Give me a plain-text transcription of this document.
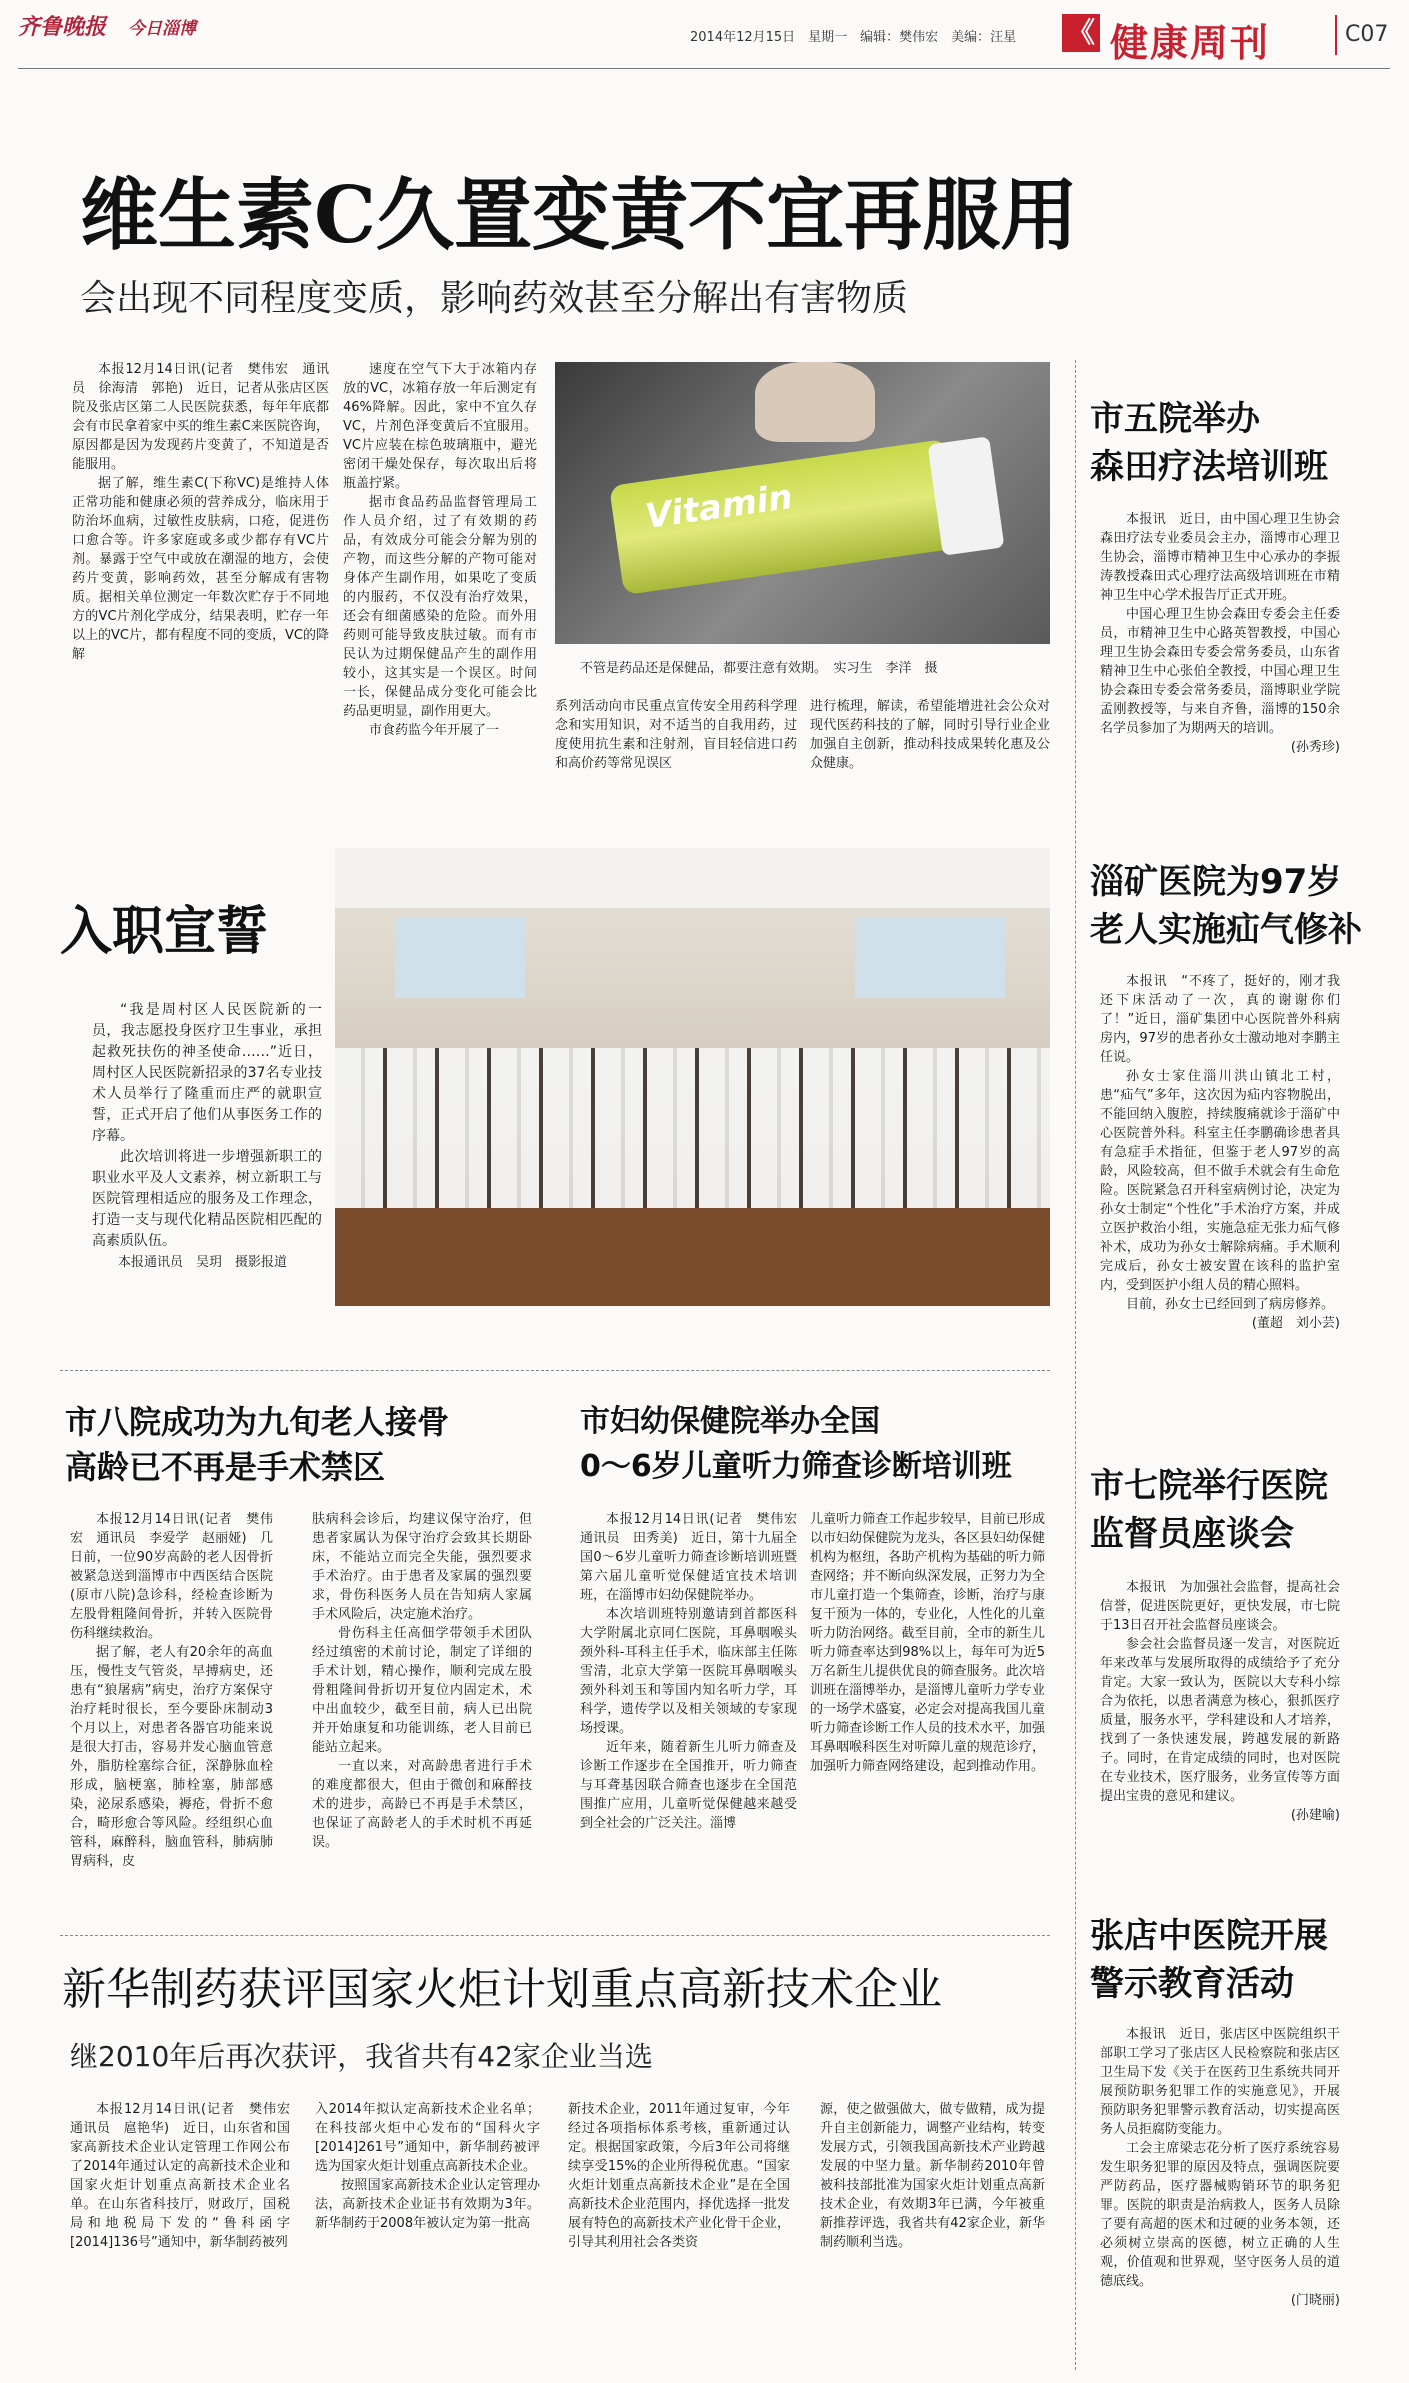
齐鲁晚报 今日淄博	2014年12月15日　星期一　编辑：樊伟宏　美编：汪星 《 健康周刊	C07
维生素C久置变黄不宜再服用
会出现不同程度变质，影响药效甚至分解出有害物质

本报12月14日讯(记者　樊伟宏　通讯员　徐海清　郭艳)　近日，记者从张店区医院及张店区第二人民医院获悉，每年年底都会有市民拿着家中买的维生素C来医院咨询，原因都是因为发现药片变黄了，不知道是否能服用。

据了解，维生素C(下称VC)是维持人体正常功能和健康必须的营养成分，临床用于防治坏血病，过敏性皮肤病，口疮，促进伤口愈合等。许多家庭或多或少都存有VC片剂。暴露于空气中或放在潮湿的地方，会使药片变黄，影响药效，甚至分解成有害物质。据相关单位测定一年数次贮存于不同地方的VC片剂化学成分，结果表明，贮存一年以上的VC片，都有程度不同的变质，VC的降解

速度在空气下大于冰箱内存放的VC，冰箱存放一年后测定有46%降解。因此，家中不宜久存VC，片剂色泽变黄后不宜服用。VC片应装在棕色玻璃瓶中，避光密闭干燥处保存，每次取出后将瓶盖拧紧。

据市食品药品监督管理局工作人员介绍，过了有效期的药品，有效成分可能会分解为别的产物，而这些分解的产物可能对身体产生副作用，如果吃了变质的内服药，不仅没有治疗效果，还会有细菌感染的危险。而外用药则可能导致皮肤过敏。而有市民认为过期保健品产生的副作用较小，这其实是一个误区。时间一长，保健品成分变化可能会比药品更明显，副作用更大。

市食药监今年开展了一

Vitamin
不管是药品还是保健品，都要注意有效期。　实习生　李洋　摄

系列活动向市民重点宣传安全用药科学理念和实用知识，对不适当的自我用药，过度使用抗生素和注射剂，盲目轻信进口药和高价药等常见误区

进行梳理，解读，希望能增进社会公众对现代医药科技的了解，同时引导行业企业加强自主创新，推动科技成果转化惠及公众健康。

入职宣誓

“我是周村区人民医院新的一员，我志愿投身医疗卫生事业，承担起救死扶伤的神圣使命……”近日，周村区人民医院新招录的37名专业技术人员举行了隆重而庄严的就职宣誓，正式开启了他们从事医务工作的序幕。

此次培训将进一步增强新职工的职业水平及人文素养，树立新职工与医院管理相适应的服务及工作理念，打造一支与现代化精品医院相匹配的高素质队伍。

本报通讯员　吴玥　摄影报道

市八院成功为九旬老人接骨
高龄已不再是手术禁区

本报12月14日讯(记者　樊伟宏　通讯员　李爱学　赵丽娅)　几日前，一位90岁高龄的老人因骨折被紧急送到淄博市中西医结合医院(原市八院)急诊科，经检查诊断为左股骨粗隆间骨折，并转入医院骨伤科继续救治。

据了解，老人有20余年的高血压，慢性支气管炎，早搏病史，还患有“狼屠病”病史，治疗方案保守治疗耗时很长，至今要卧床制动3个月以上，对患者各器官功能来说是很大打击，容易并发心脑血管意外，脂肪栓塞综合征，深静脉血栓形成，脑梗塞，肺栓塞，肺部感染，泌尿系感染，褥疮，骨折不愈合，畸形愈合等风险。经组织心血管科，麻醉科，脑血管科，肺病肺胃病科，皮

肤病科会诊后，均建议保守治疗，但患者家属认为保守治疗会致其长期卧床，不能站立而完全失能，强烈要求手术治疗。由于患者及家属的强烈要求，骨伤科医务人员在告知病人家属手术风险后，决定施术治疗。

骨伤科主任高佃学带领手术团队经过缜密的术前讨论，制定了详细的手术计划，精心操作，顺利完成左股骨粗隆间骨折切开复位内固定术，术中出血较少，截至目前，病人已出院并开始康复和功能训练，老人目前已能站立起来。

一直以来，对高龄患者进行手术的难度都很大，但由于微创和麻醉技术的进步，高龄已不再是手术禁区，也保证了高龄老人的手术时机不再延误。

市妇幼保健院举办全国
0～6岁儿童听力筛查诊断培训班

本报12月14日讯(记者　樊伟宏　通讯员　田秀美)　近日，第十九届全国0～6岁儿童听力筛查诊断培训班暨第六届儿童听觉保健适宜技术培训班，在淄博市妇幼保健院举办。

本次培训班特别邀请到首都医科大学附属北京同仁医院，耳鼻咽喉头颈外科-耳科主任手术，临床部主任陈雪清，北京大学第一医院耳鼻咽喉头颈外科刘玉和等国内知名听力学，耳科学，遗传学以及相关领域的专家现场授课。

近年来，随着新生儿听力筛查及诊断工作逐步在全国推开，听力筛查与耳聋基因联合筛查也逐步在全国范围推广应用，儿童听觉保健越来越受到全社会的广泛关注。淄博

儿童听力筛查工作起步较早，目前已形成以市妇幼保健院为龙头，各区县妇幼保健机构为枢纽，各助产机构为基础的听力筛查网络；并不断向纵深发展，正努力为全市儿童打造一个集筛查，诊断，治疗与康复干预为一体的，专业化，人性化的儿童听力防治网络。截至目前，全市的新生儿听力筛查率达到98%以上，每年可为近5万名新生儿提供优良的筛查服务。此次培训班在淄博举办，是淄博儿童听力学专业的一场学术盛宴，必定会对提高我国儿童听力筛查诊断工作人员的技术水平，加强耳鼻咽喉科医生对听障儿童的规范诊疗，加强听力筛查网络建设，起到推动作用。

新华制药获评国家火炬计划重点高新技术企业
继2010年后再次获评，我省共有42家企业当选

本报12月14日讯(记者　樊伟宏　通讯员　扈艳华)　近日，山东省和国家高新技术企业认定管理工作网公布了2014年通过认定的高新技术企业和国家火炬计划重点高新技术企业名单。在山东省科技厅，财政厅，国税局和地税局下发的“鲁科函字[2014]136号”通知中，新华制药被列

入2014年拟认定高新技术企业名单；在科技部火炬中心发布的“国科火字[2014]261号”通知中，新华制药被评选为国家火炬计划重点高新技术企业。

按照国家高新技术企业认定管理办法，高新技术企业证书有效期为3年。新华制药于2008年被认定为第一批高

新技术企业，2011年通过复审，今年经过各项指标体系考核，重新通过认定。根据国家政策，今后3年公司将继续享受15%的企业所得税优惠。“国家火炬计划重点高新技术企业”是在全国高新技术企业范围内，择优选择一批发展有特色的高新技术产业化骨干企业，引导其利用社会各类资

源，使之做强做大，做专做精，成为提升自主创新能力，调整产业结构，转变发展方式，引领我国高新技术产业跨越发展的中坚力量。新华制药2010年曾被科技部批准为国家火炬计划重点高新技术企业，有效期3年已满，今年被重新推荐评选，我省共有42家企业，新华制药顺利当选。

市五院举办
森田疗法培训班

本报讯　近日，由中国心理卫生协会森田疗法专业委员会主办，淄博市心理卫生协会，淄博市精神卫生中心承办的李振涛教授森田式心理疗法高级培训班在市精神卫生中心学术报告厅正式开班。

中国心理卫生协会森田专委会主任委员，市精神卫生中心路英智教授，中国心理卫生协会森田专委会常务委员，山东省精神卫生中心张伯全教授，中国心理卫生协会森田专委会常务委员，淄博职业学院孟刚教授等，与来自齐鲁，淄博的150余名学员参加了为期两天的培训。

(孙秀珍)

淄矿医院为97岁
老人实施疝气修补

本报讯　“不疼了，挺好的，刚才我还下床活动了一次，真的谢谢你们了！”近日，淄矿集团中心医院普外科病房内，97岁的患者孙女士激动地对李鹏主任说。

孙女士家住淄川洪山镇北工村，患“疝气”多年，这次因为疝内容物脱出，不能回纳入腹腔，持续腹痛就诊于淄矿中心医院普外科。科室主任李鹏确诊患者具有急症手术指征，但鉴于老人97岁的高龄，风险较高，但不做手术就会有生命危险。医院紧急召开科室病例讨论，决定为孙女士制定“个性化”手术治疗方案，并成立医护救治小组，实施急症无张力疝气修补术，成功为孙女士解除病痛。手术顺利完成后，孙女士被安置在该科的监护室内，受到医护小组人员的精心照料。

目前，孙女士已经回到了病房修养。

(董超　刘小芸)

市七院举行医院
监督员座谈会

本报讯　为加强社会监督，提高社会信誉，促进医院更好，更快发展，市七院于13日召开社会监督员座谈会。

参会社会监督员逐一发言，对医院近年来改革与发展所取得的成绩给予了充分肯定。大家一致认为，医院以大专科小综合为依托，以患者满意为核心，狠抓医疗质量，服务水平，学科建设和人才培养，找到了一条快速发展，跨越发展的新路子。同时，在肯定成绩的同时，也对医院在专业技术，医疗服务，业务宣传等方面提出宝贵的意见和建议。

(孙建喻)

张店中医院开展
警示教育活动

本报讯　近日，张店区中医院组织干部职工学习了张店区人民检察院和张店区卫生局下发《关于在医药卫生系统共同开展预防职务犯罪工作的实施意见》，开展预防职务犯罪警示教育活动，切实提高医务人员拒腐防变能力。

工会主席梁志花分析了医疗系统容易发生职务犯罪的原因及特点，强调医院要严防药品，医疗器械购销环节的职务犯罪。医院的职责是治病救人，医务人员除了要有高超的医术和过硬的业务本领，还必须树立崇高的医德，树立正确的人生观，价值观和世界观，坚守医务人员的道德底线。

(门晓丽)
